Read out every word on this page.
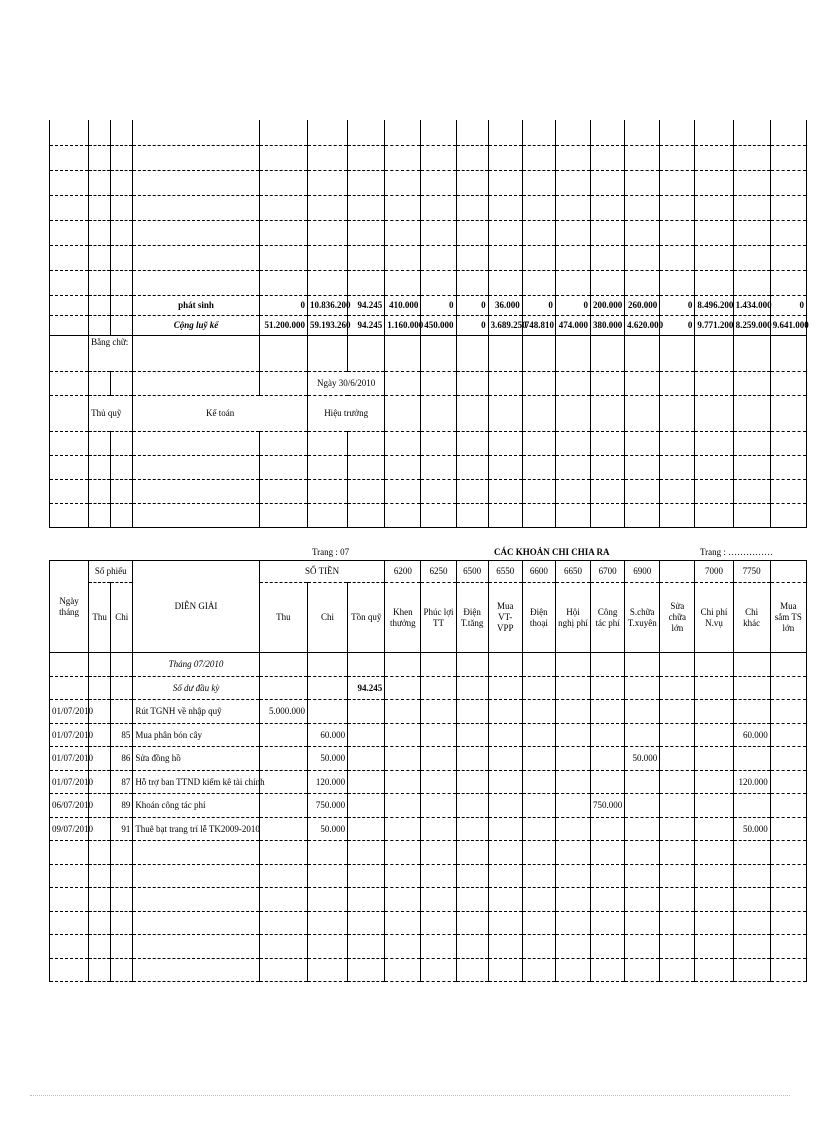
			phát sinh	0	10.836.200	94.245	410.000	0	0	36.000	0	0	200.000	260.000	0	8.496.200	1.434.000	0
			Cộng luỹ kế	51.200.000	59.193.260	94.245	1.160.000	450.000	0	3.689.250	748.810	474.000	380.000	4.620.000	0	9.771.200	8.259.000	9.641.000
	Bằng chữ:																	
					Ngày 30/6/2010													
	Thủ quỹ		Kế toán		Hiệu trưởng													

Trang : 07	CÁC KHOẢN CHI CHIA RA	Trang : ……………
Ngày tháng	Số phiếu		DIỄN GIẢI	SỐ TIỀN			6200	6250	6500	6550	6600	6650	6700	6900		7000	7750	
	Thu	Chi		Thu	Chi	Tồn quỹ	Khen thưởng	Phúc lợi TT	Điện T.tăng	Mua VT-VPP	Điện thoại	Hội nghị phí	Công tác phí	S.chữa T.xuyên	Sửa chữa lớn	Chi phí N.vụ	Chi khác	Mua sắm TS lớn
			Tháng 07/2010															
			Số dư đầu kỳ			94.245												
01/07/2010			Rút TGNH về nhập quỹ	5.000.000														
01/07/2010		85	Mua phân bón cây		60.000												60.000	
01/07/2010		86	Sửa đồng hồ		50.000									50.000				
01/07/2010		87	Hỗ trợ ban TTND kiểm kê tài chính		120.000												120.000	
06/07/2010		89	Khoán công tác phí		750.000								750.000					
09/07/2010		91	Thuê bạt trang trí lễ TK2009-2010		50.000												50.000	
